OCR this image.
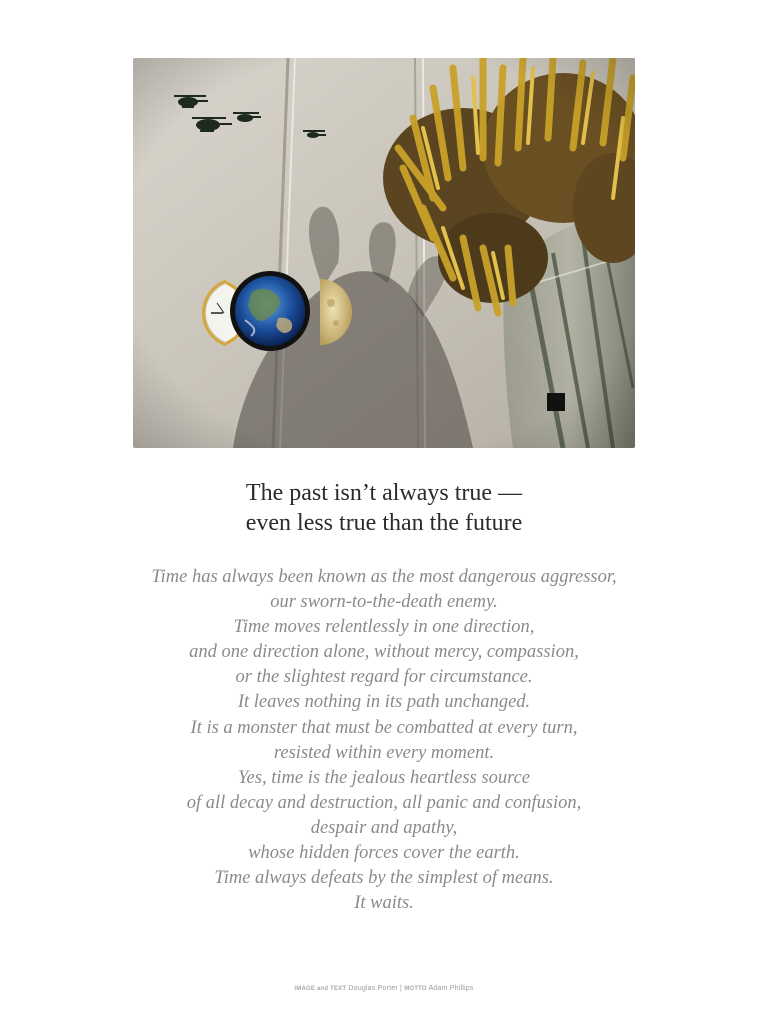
The past isn’t always true —
even less true than the future
Time has always been known as the most dangerous aggressor,
our sworn-to-the-death enemy.
Time moves relentlessly in one direction,
and one direction alone, without mercy, compassion,
or the slightest regard for circumstance.
It leaves nothing in its path unchanged.
It is a monster that must be combatted at every turn,
resisted within every moment.
Yes, time is the jealous heartless source
of all decay and destruction, all panic and confusion,
despair and apathy,
whose hidden forces cover the earth.
Time always defeats by the simplest of means.
It waits.
IMAGE and TEXT Douglas Porter | MOTTO Adam Phillips
